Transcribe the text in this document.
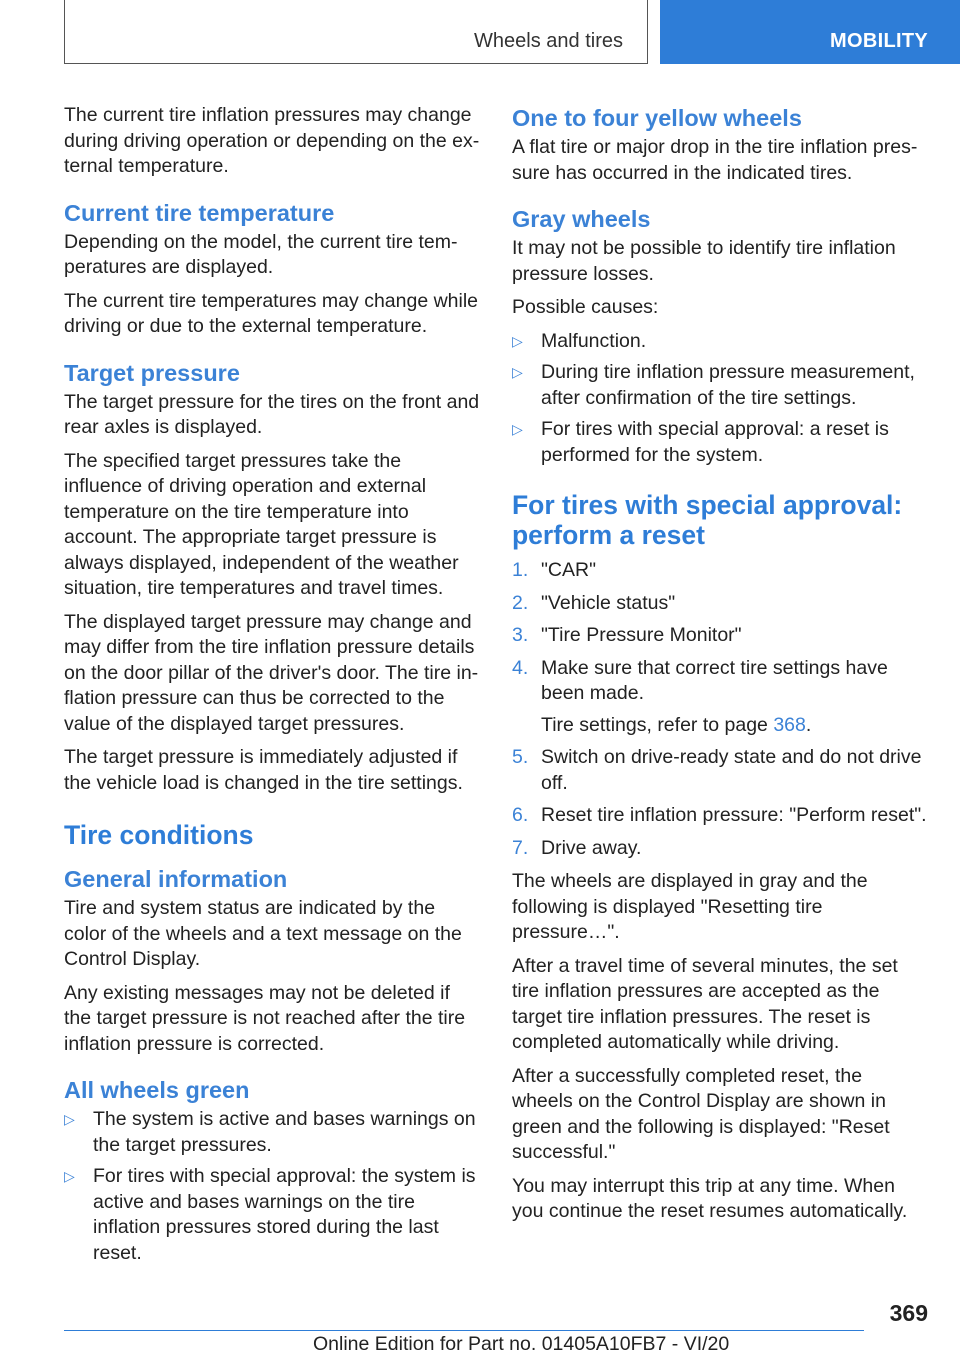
Wheels and tires	MOBILITY

The current tire inflation pressures may change during driving operation or depending on the external temperature.

Current tire temperature

Depending on the model, the current tire temperatures are displayed.

The current tire temperatures may change while driving or due to the external temperature.

Target pressure

The target pressure for the tires on the front and rear axles is displayed.

The specified target pressures take the influence of driving operation and external temperature on the tire temperature into account. The appropriate target pressure is always displayed, independent of the weather situation, tire temperatures and travel times.

The displayed target pressure may change and may differ from the tire inflation pressure details on the door pillar of the driver's door. The tire inflation pressure can thus be corrected to the value of the displayed target pressures.

The target pressure is immediately adjusted if the vehicle load is changed in the tire settings.

Tire conditions
General information

Tire and system status are indicated by the color of the wheels and a text message on the Control Display.

Any existing messages may not be deleted if the target pressure is not reached after the tire inflation pressure is corrected.

All wheels green
▷ The system is active and bases warnings on the target pressures.
▷ For tires with special approval: the system is active and bases warnings on the tire inflation pressures stored during the last reset.
One to four yellow wheels

A flat tire or major drop in the tire inflation pressure has occurred in the indicated tires.

Gray wheels

It may not be possible to identify tire inflation pressure losses.

Possible causes:

▷ Malfunction.
▷ During tire inflation pressure measurement, after confirmation of the tire settings.
▷ For tires with special approval: a reset is performed for the system.
For tires with special approval: perform a reset
1. "CAR"
2. "Vehicle status"
3. "Tire Pressure Monitor"
4. Make sure that correct tire settings have been made.
Tire settings, refer to page 368.
5. Switch on drive-ready state and do not drive off.
6. Reset tire inflation pressure: "Perform reset".
7. Drive away.

The wheels are displayed in gray and the following is displayed "Resetting tire pressure…".

After a travel time of several minutes, the set tire inflation pressures are accepted as the target tire inflation pressures. The reset is completed automatically while driving.

After a successfully completed reset, the wheels on the Control Display are shown in green and the following is displayed: "Reset successful."

You may interrupt this trip at any time. When you continue the reset resumes automatically.

369
Online Edition for Part no. 01405A10FB7 - VI/20
